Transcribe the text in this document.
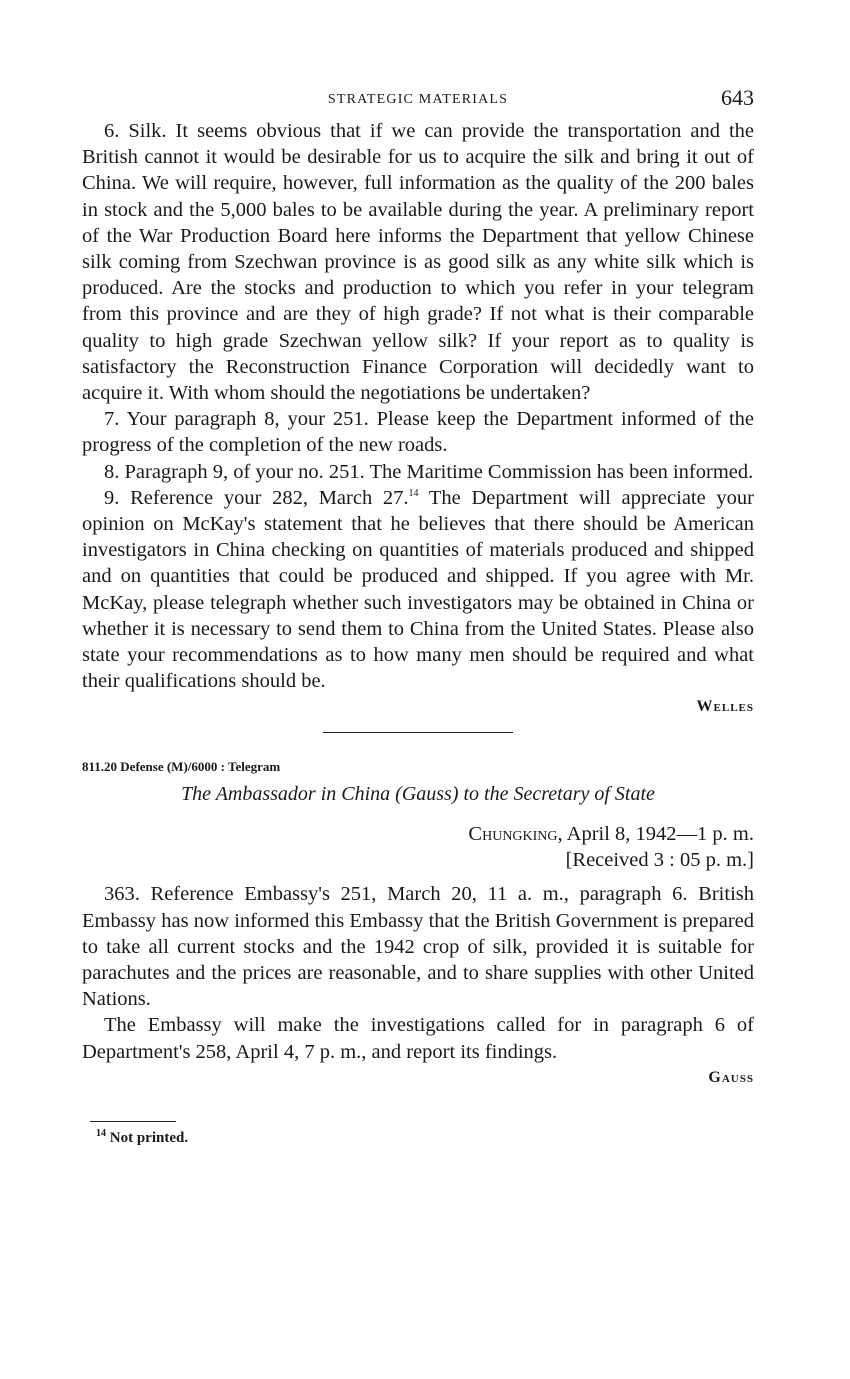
STRATEGIC MATERIALS	643

6. Silk. It seems obvious that if we can provide the transportation and the British cannot it would be desirable for us to acquire the silk and bring it out of China. We will require, however, full information as the quality of the 200 bales in stock and the 5,000 bales to be available during the year. A preliminary report of the War Production Board here informs the Department that yellow Chinese silk coming from Szechwan province is as good silk as any white silk which is produced. Are the stocks and production to which you refer in your telegram from this province and are they of high grade? If not what is their comparable quality to high grade Szechwan yellow silk? If your report as to quality is satisfactory the Reconstruction Finance Corporation will decidedly want to acquire it. With whom should the negotiations be undertaken?

7. Your paragraph 8, your 251. Please keep the Department informed of the progress of the completion of the new roads.

8. Paragraph 9, of your no. 251. The Maritime Commission has been informed.

9. Reference your 282, March 27.14 The Department will appreciate your opinion on McKay's statement that he believes that there should be American investigators in China checking on quantities of materials produced and shipped and on quantities that could be produced and shipped. If you agree with Mr. McKay, please telegraph whether such investigators may be obtained in China or whether it is necessary to send them to China from the United States. Please also state your recommendations as to how many men should be required and what their qualifications should be.

Welles
811.20 Defense (M)/6000 : Telegram
The Ambassador in China (Gauss) to the Secretary of State
Chungking, April 8, 1942—1 p. m.
[Received 3 : 05 p. m.]

363. Reference Embassy's 251, March 20, 11 a. m., paragraph 6. British Embassy has now informed this Embassy that the British Government is prepared to take all current stocks and the 1942 crop of silk, provided it is suitable for parachutes and the prices are reasonable, and to share supplies with other United Nations.

The Embassy will make the investigations called for in paragraph 6 of Department's 258, April 4, 7 p. m., and report its findings.

Gauss
$^{14}$ Not printed.
